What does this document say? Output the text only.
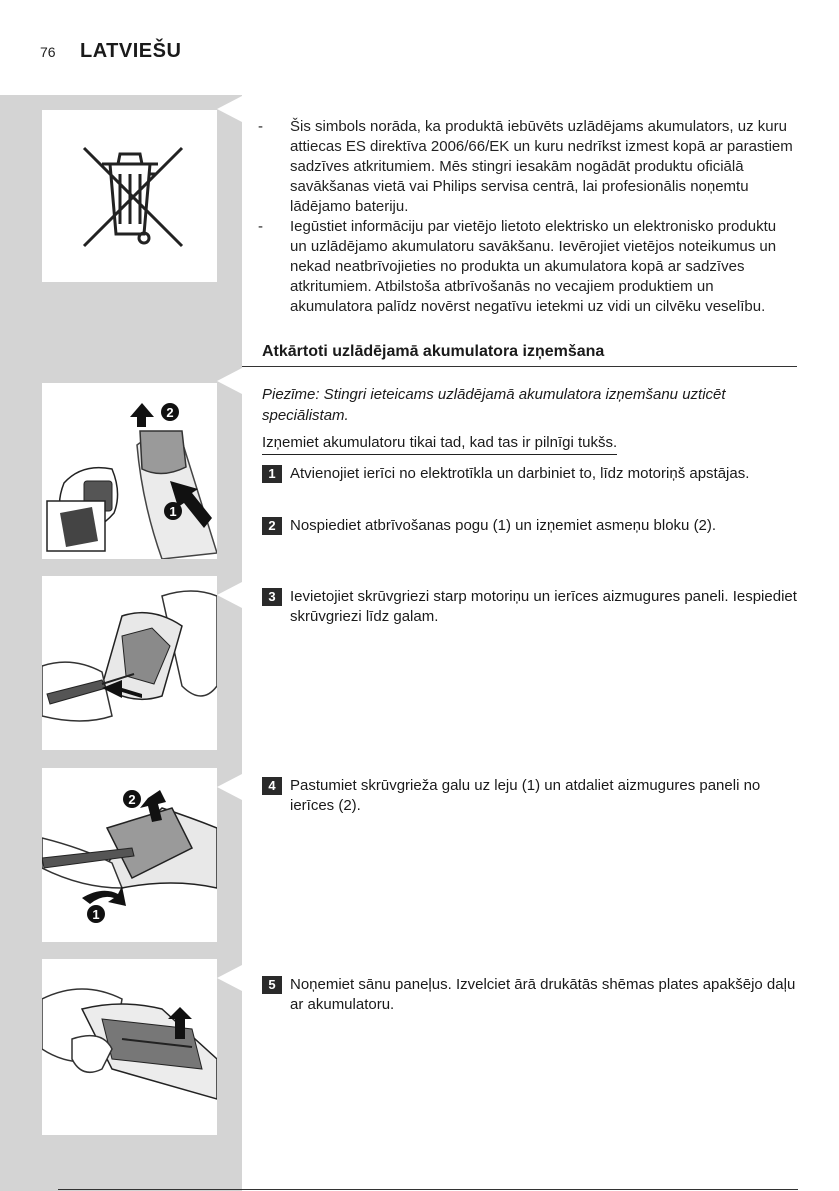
76 LATVIEŠU
- Šis simbols norāda, ka produktā iebūvēts uzlādējams akumulators, uz kuru attiecas ES direktīva 2006/66/EK un kuru nedrīkst izmest kopā ar parastiem sadzīves atkritumiem. Mēs stingri iesakām nogādāt produktu oficiālā savākšanas vietā vai Philips servisa centrā, lai profesionālis noņemtu lādējamo bateriju.
- Iegūstiet informāciju par vietējo lietoto elektrisko un elektronisko produktu un uzlādējamo akumulatoru savākšanu. Ievērojiet vietējos noteikumus un nekad neatbrīvojieties no produkta un akumulatora kopā ar sadzīves atkritumiem. Atbilstoša atbrīvošanās no vecajiem produktiem un akumulatora palīdz novērst negatīvu ietekmi uz vidi un cilvēku veselību.
Atkārtoti uzlādējamā akumulatora izņemšana
2
1
Piezīme: Stingri ieteicams uzlādējamā akumulatora izņemšanu uzticēt speciālistam.
Izņemiet akumulatoru tikai tad, kad tas ir pilnīgi tukšs.
1 Atvienojiet ierīci no elektrotīkla un darbiniet to, līdz motoriņš apstājas.
2 Nospiediet atbrīvošanas pogu (1) un izņemiet asmeņu bloku (2).
3 Ievietojiet skrūvgriezi starp motoriņu un ierīces aizmugures paneli. Iespiediet skrūvgriezi līdz galam.
2
1
4 Pastumiet skrūvgrieža galu uz leju (1) un atdaliet aizmugures paneli no ierīces (2).
5 Noņemiet sānu paneļus. Izvelciet ārā drukātās shēmas plates apakšējo daļu ar akumulatoru.
